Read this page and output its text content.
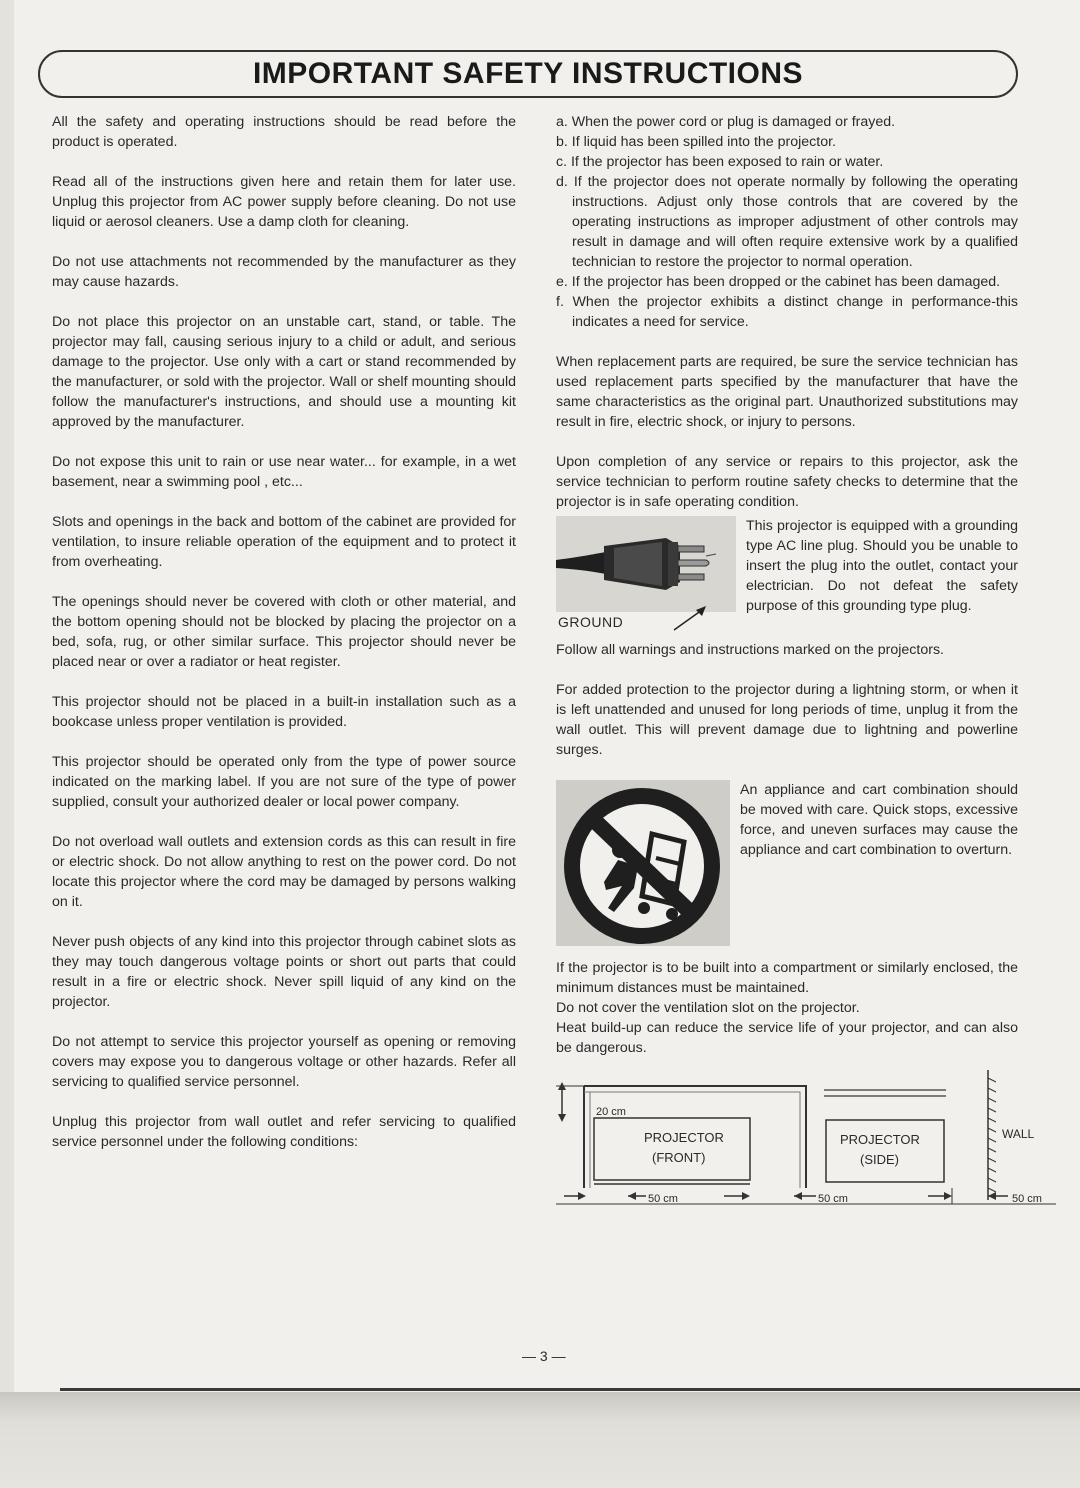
IMPORTANT SAFETY INSTRUCTIONS

All the safety and operating instructions should be read before the product is operated.

Read all of the instructions given here and retain them for later use. Unplug this projector from AC power supply before cleaning. Do not use liquid or aerosol cleaners. Use a damp cloth for cleaning.

Do not use attachments not recommended by the manufacturer as they may cause hazards.

Do not place this projector on an unstable cart, stand, or table. The projector may fall, causing serious injury to a child or adult, and serious damage to the projector. Use only with a cart or stand recommended by the manufacturer, or sold with the projector. Wall or shelf mounting should follow the manufacturer's instructions, and should use a mounting kit approved by the manufacturer.

Do not expose this unit to rain or use near water... for example, in a wet basement, near a swimming pool , etc...

Slots and openings in the back and bottom of the cabinet are provided for ventilation, to insure reliable operation of the equipment and to protect it from overheating.

The openings should never be covered with cloth or other material, and the bottom opening should not be blocked by placing the projector on a bed, sofa, rug, or other similar surface. This projector should never be placed near or over a radiator or heat register.

This projector should not be placed in a built-in installation such as a bookcase unless proper ventilation is provided.

This projector should be operated only from the type of power source indicated on the marking label. If you are not sure of the type of power supplied, consult your authorized dealer or local power company.

Do not overload wall outlets and extension cords as this can result in fire or electric shock. Do not allow anything to rest on the power cord. Do not locate this projector where the cord may be damaged by persons walking on it.

Never push objects of any kind into this projector through cabinet slots as they may touch dangerous voltage points or short out parts that could result in a fire or electric shock. Never spill liquid of any kind on the projector.

Do not attempt to service this projector yourself as opening or removing covers may expose you to dangerous voltage or other hazards. Refer all servicing to qualified service personnel.

Unplug this projector from wall outlet and refer servicing to qualified service personnel under the following conditions:

a. When the power cord or plug is damaged or frayed.
b. If liquid has been spilled into the projector.
c. If the projector has been exposed to rain or water.
d. If the projector does not operate normally by following the operating instructions. Adjust only those controls that are covered by the operating instructions as improper adjustment of other controls may result in damage and will often require extensive work by a qualified technician to restore the projector to normal operation.
e. If the projector has been dropped or the cabinet has been damaged.
f. When the projector exhibits a distinct change in performance-this indicates a need for service.

When replacement parts are required, be sure the service technician has used replacement parts specified by the manufacturer that have the same characteristics as the original part. Unauthorized substitutions may result in fire, electric shock, or injury to persons.

Upon completion of any service or repairs to this projector, ask the service technician to perform routine safety checks to determine that the projector is in safe operating condition.

GROUND
This projector is equipped with a grounding type AC line plug. Should you be unable to insert the plug into the outlet, contact your electrician. Do not defeat the safety purpose of this grounding type plug.

Follow all warnings and instructions marked on the projectors.

For added protection to the projector during a lightning storm, or when it is left unattended and unused for long periods of time, unplug it from the wall outlet. This will prevent damage due to lightning and powerline surges.

An appliance and cart combination should be moved with care. Quick stops, excessive force, and uneven surfaces may cause the appliance and cart combination to overturn.

If the projector is to be built into a compartment or similarly enclosed, the minimum distances must be maintained.

Do not cover the ventilation slot on the projector.

Heat build-up can reduce the service life of your projector, and can also be dangerous.

20 cm
PROJECTOR
(FRONT)
PROJECTOR
(SIDE)
WALL
50 cm	50 cm	50 cm
— 3 —
